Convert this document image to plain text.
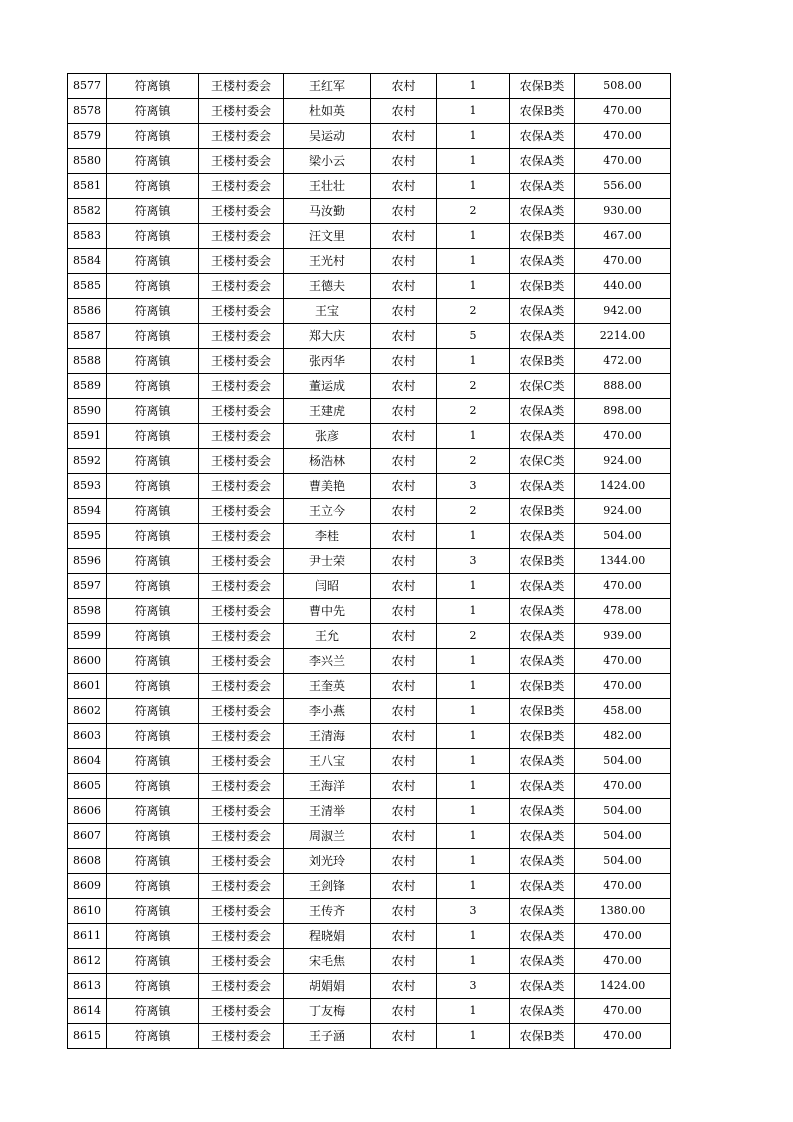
8577	符离镇	王楼村委会	王红军	农村	1	农保B类	508.00
8578	符离镇	王楼村委会	杜如英	农村	1	农保B类	470.00
8579	符离镇	王楼村委会	吴运动	农村	1	农保A类	470.00
8580	符离镇	王楼村委会	梁小云	农村	1	农保A类	470.00
8581	符离镇	王楼村委会	王壮壮	农村	1	农保A类	556.00
8582	符离镇	王楼村委会	马汝勤	农村	2	农保A类	930.00
8583	符离镇	王楼村委会	汪文里	农村	1	农保B类	467.00
8584	符离镇	王楼村委会	王光村	农村	1	农保A类	470.00
8585	符离镇	王楼村委会	王德夫	农村	1	农保B类	440.00
8586	符离镇	王楼村委会	王宝	农村	2	农保A类	942.00
8587	符离镇	王楼村委会	郑大庆	农村	5	农保A类	2214.00
8588	符离镇	王楼村委会	张丙华	农村	1	农保B类	472.00
8589	符离镇	王楼村委会	董运成	农村	2	农保C类	888.00
8590	符离镇	王楼村委会	王建虎	农村	2	农保A类	898.00
8591	符离镇	王楼村委会	张彦	农村	1	农保A类	470.00
8592	符离镇	王楼村委会	杨浩林	农村	2	农保C类	924.00
8593	符离镇	王楼村委会	曹美艳	农村	3	农保A类	1424.00
8594	符离镇	王楼村委会	王立今	农村	2	农保B类	924.00
8595	符离镇	王楼村委会	李桂	农村	1	农保A类	504.00
8596	符离镇	王楼村委会	尹士荣	农村	3	农保B类	1344.00
8597	符离镇	王楼村委会	闫昭	农村	1	农保A类	470.00
8598	符离镇	王楼村委会	曹中先	农村	1	农保A类	478.00
8599	符离镇	王楼村委会	王允	农村	2	农保A类	939.00
8600	符离镇	王楼村委会	李兴兰	农村	1	农保A类	470.00
8601	符离镇	王楼村委会	王奎英	农村	1	农保B类	470.00
8602	符离镇	王楼村委会	李小燕	农村	1	农保B类	458.00
8603	符离镇	王楼村委会	王清海	农村	1	农保B类	482.00
8604	符离镇	王楼村委会	王八宝	农村	1	农保A类	504.00
8605	符离镇	王楼村委会	王海洋	农村	1	农保A类	470.00
8606	符离镇	王楼村委会	王清举	农村	1	农保A类	504.00
8607	符离镇	王楼村委会	周淑兰	农村	1	农保A类	504.00
8608	符离镇	王楼村委会	刘光玲	农村	1	农保A类	504.00
8609	符离镇	王楼村委会	王剑锋	农村	1	农保A类	470.00
8610	符离镇	王楼村委会	王传齐	农村	3	农保A类	1380.00
8611	符离镇	王楼村委会	程晓娟	农村	1	农保A类	470.00
8612	符离镇	王楼村委会	宋毛焦	农村	1	农保A类	470.00
8613	符离镇	王楼村委会	胡娟娟	农村	3	农保A类	1424.00
8614	符离镇	王楼村委会	丁友梅	农村	1	农保A类	470.00
8615	符离镇	王楼村委会	王子涵	农村	1	农保B类	470.00
